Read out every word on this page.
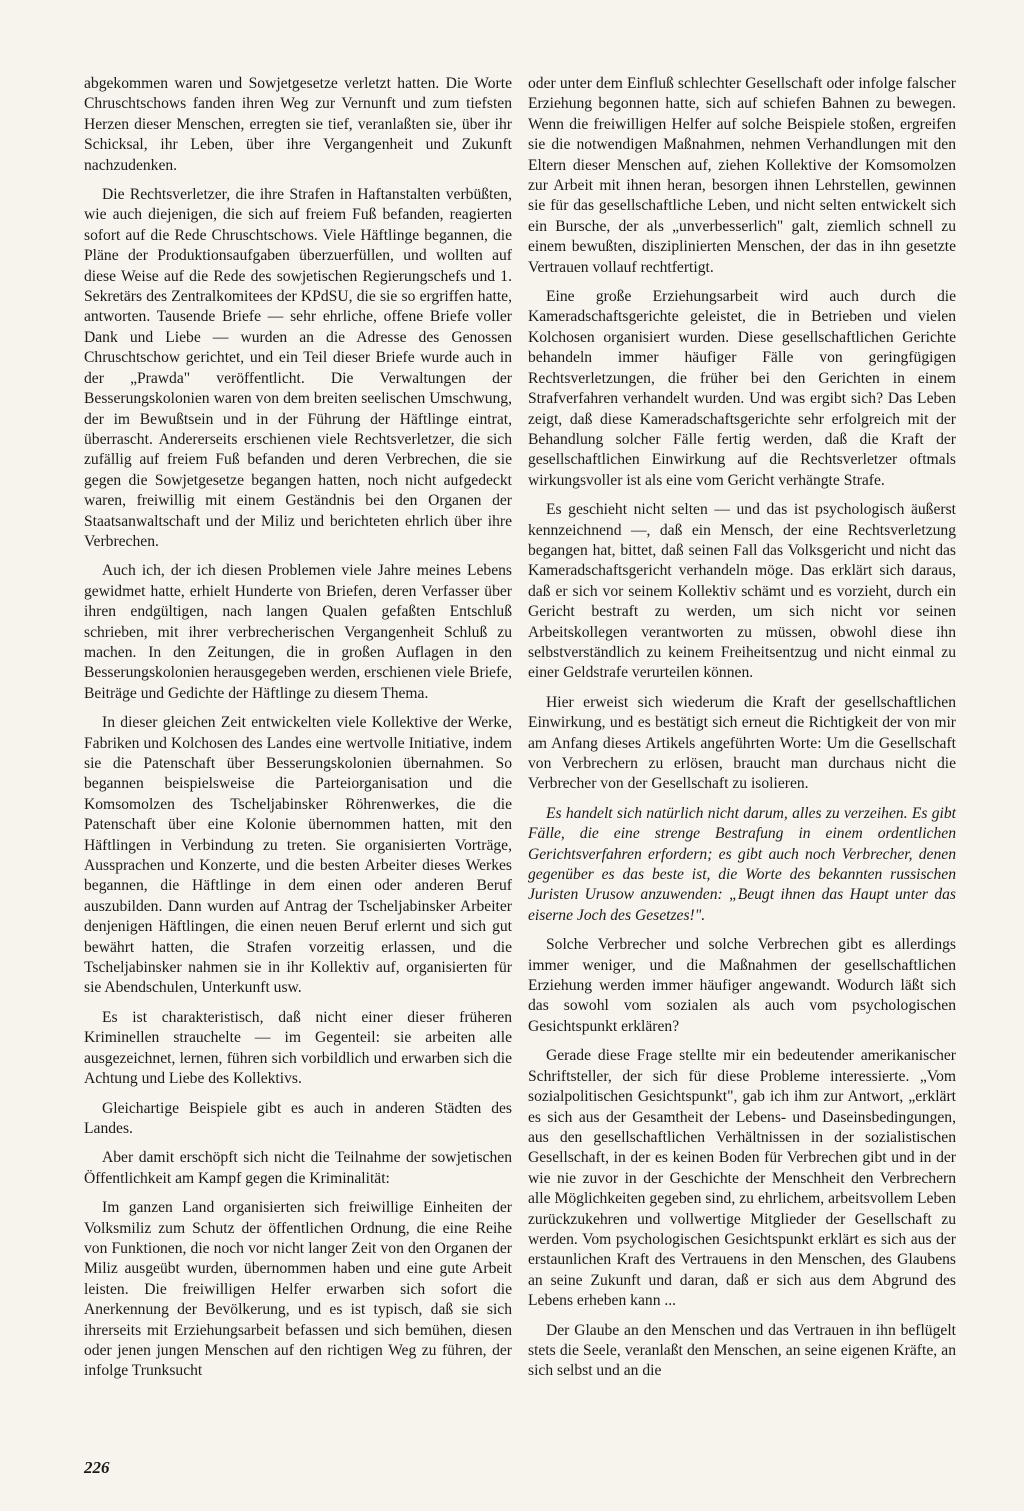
abgekommen waren und Sowjetgesetze verletzt hatten. Die Worte Chruschtschows fanden ihren Weg zur Vernunft und zum tiefsten Herzen dieser Menschen, erregten sie tief, veranlaßten sie, über ihr Schicksal, ihr Leben, über ihre Vergangenheit und Zukunft nachzudenken.

Die Rechtsverletzer, die ihre Strafen in Haftanstalten verbüßten, wie auch diejenigen, die sich auf freiem Fuß befanden, reagierten sofort auf die Rede Chruschtschows. Viele Häftlinge begannen, die Pläne der Produktionsaufgaben überzuerfüllen, und wollten auf diese Weise auf die Rede des sowjetischen Regierungschefs und 1. Sekretärs des Zentralkomitees der KPdSU, die sie so ergriffen hatte, antworten. Tausende Briefe — sehr ehrliche, offene Briefe voller Dank und Liebe — wurden an die Adresse des Genossen Chruschtschow gerichtet, und ein Teil dieser Briefe wurde auch in der „Prawda" veröffentlicht. Die Verwaltungen der Besserungskolonien waren von dem breiten seelischen Umschwung, der im Bewußtsein und in der Führung der Häftlinge eintrat, überrascht. Andererseits erschienen viele Rechtsverletzer, die sich zufällig auf freiem Fuß befanden und deren Verbrechen, die sie gegen die Sowjetgesetze begangen hatten, noch nicht aufgedeckt waren, freiwillig mit einem Geständnis bei den Organen der Staatsanwaltschaft und der Miliz und berichteten ehrlich über ihre Verbrechen.

Auch ich, der ich diesen Problemen viele Jahre meines Lebens gewidmet hatte, erhielt Hunderte von Briefen, deren Verfasser über ihren endgültigen, nach langen Qualen gefaßten Entschluß schrieben, mit ihrer verbrecherischen Vergangenheit Schluß zu machen. In den Zeitungen, die in großen Auflagen in den Besserungskolonien herausgegeben werden, erschienen viele Briefe, Beiträge und Gedichte der Häftlinge zu diesem Thema.

In dieser gleichen Zeit entwickelten viele Kollektive der Werke, Fabriken und Kolchosen des Landes eine wertvolle Initiative, indem sie die Patenschaft über Besserungskolonien übernahmen. So begannen beispielsweise die Parteiorganisation und die Komsomolzen des Tscheljabinsker Röhrenwerkes, die die Patenschaft über eine Kolonie übernommen hatten, mit den Häftlingen in Verbindung zu treten. Sie organisierten Vorträge, Aussprachen und Konzerte, und die besten Arbeiter dieses Werkes begannen, die Häftlinge in dem einen oder anderen Beruf auszubilden. Dann wurden auf Antrag der Tscheljabinsker Arbeiter denjenigen Häftlingen, die einen neuen Beruf erlernt und sich gut bewährt hatten, die Strafen vorzeitig erlassen, und die Tscheljabinsker nahmen sie in ihr Kollektiv auf, organisierten für sie Abendschulen, Unterkunft usw.

Es ist charakteristisch, daß nicht einer dieser früheren Kriminellen strauchelte — im Gegenteil: sie arbeiten alle ausgezeichnet, lernen, führen sich vorbildlich und erwarben sich die Achtung und Liebe des Kollektivs.

Gleichartige Beispiele gibt es auch in anderen Städten des Landes.

Aber damit erschöpft sich nicht die Teilnahme der sowjetischen Öffentlichkeit am Kampf gegen die Kriminalität:

Im ganzen Land organisierten sich freiwillige Einheiten der Volksmiliz zum Schutz der öffentlichen Ordnung, die eine Reihe von Funktionen, die noch vor nicht langer Zeit von den Organen der Miliz ausgeübt wurden, übernommen haben und eine gute Arbeit leisten. Die freiwilligen Helfer erwarben sich sofort die Anerkennung der Bevölkerung, und es ist typisch, daß sie sich ihrerseits mit Erziehungsarbeit befassen und sich bemühen, diesen oder jenen jungen Menschen auf den richtigen Weg zu führen, der infolge Trunksucht

oder unter dem Einfluß schlechter Gesellschaft oder infolge falscher Erziehung begonnen hatte, sich auf schiefen Bahnen zu bewegen. Wenn die freiwilligen Helfer auf solche Beispiele stoßen, ergreifen sie die notwendigen Maßnahmen, nehmen Verhandlungen mit den Eltern dieser Menschen auf, ziehen Kollektive der Komsomolzen zur Arbeit mit ihnen heran, besorgen ihnen Lehrstellen, gewinnen sie für das gesellschaftliche Leben, und nicht selten entwickelt sich ein Bursche, der als „unverbesserlich" galt, ziemlich schnell zu einem bewußten, disziplinierten Menschen, der das in ihn gesetzte Vertrauen vollauf rechtfertigt.

Eine große Erziehungsarbeit wird auch durch die Kameradschaftsgerichte geleistet, die in Betrieben und vielen Kolchosen organisiert wurden. Diese gesellschaftlichen Gerichte behandeln immer häufiger Fälle von geringfügigen Rechtsverletzungen, die früher bei den Gerichten in einem Strafverfahren verhandelt wurden. Und was ergibt sich? Das Leben zeigt, daß diese Kameradschaftsgerichte sehr erfolgreich mit der Behandlung solcher Fälle fertig werden, daß die Kraft der gesellschaftlichen Einwirkung auf die Rechtsverletzer oftmals wirkungsvoller ist als eine vom Gericht verhängte Strafe.

Es geschieht nicht selten — und das ist psychologisch äußerst kennzeichnend —, daß ein Mensch, der eine Rechtsverletzung begangen hat, bittet, daß seinen Fall das Volksgericht und nicht das Kameradschaftsgericht verhandeln möge. Das erklärt sich daraus, daß er sich vor seinem Kollektiv schämt und es vorzieht, durch ein Gericht bestraft zu werden, um sich nicht vor seinen Arbeitskollegen verantworten zu müssen, obwohl diese ihn selbstverständlich zu keinem Freiheitsentzug und nicht einmal zu einer Geldstrafe verurteilen können.

Hier erweist sich wiederum die Kraft der gesellschaftlichen Einwirkung, und es bestätigt sich erneut die Richtigkeit der von mir am Anfang dieses Artikels angeführten Worte: Um die Gesellschaft von Verbrechern zu erlösen, braucht man durchaus nicht die Verbrecher von der Gesellschaft zu isolieren.

Es handelt sich natürlich nicht darum, alles zu verzeihen. Es gibt Fälle, die eine strenge Bestrafung in einem ordentlichen Gerichtsverfahren erfordern; es gibt auch noch Verbrecher, denen gegenüber es das beste ist, die Worte des bekannten russischen Juristen Urusow anzuwenden: „Beugt ihnen das Haupt unter das eiserne Joch des Gesetzes!".

Solche Verbrecher und solche Verbrechen gibt es allerdings immer weniger, und die Maßnahmen der gesellschaftlichen Erziehung werden immer häufiger angewandt. Wodurch läßt sich das sowohl vom sozialen als auch vom psychologischen Gesichtspunkt erklären?

Gerade diese Frage stellte mir ein bedeutender amerikanischer Schriftsteller, der sich für diese Probleme interessierte. „Vom sozialpolitischen Gesichtspunkt", gab ich ihm zur Antwort, „erklärt es sich aus der Gesamtheit der Lebens- und Daseinsbedingungen, aus den gesellschaftlichen Verhältnissen in der sozialistischen Gesellschaft, in der es keinen Boden für Verbrechen gibt und in der wie nie zuvor in der Geschichte der Menschheit den Verbrechern alle Möglichkeiten gegeben sind, zu ehrlichem, arbeitsvollem Leben zurückzukehren und vollwertige Mitglieder der Gesellschaft zu werden. Vom psychologischen Gesichtspunkt erklärt es sich aus der erstaunlichen Kraft des Vertrauens in den Menschen, des Glaubens an seine Zukunft und daran, daß er sich aus dem Abgrund des Lebens erheben kann ...

Der Glaube an den Menschen und das Vertrauen in ihn beflügelt stets die Seele, veranlaßt den Menschen, an seine eigenen Kräfte, an sich selbst und an die

226
